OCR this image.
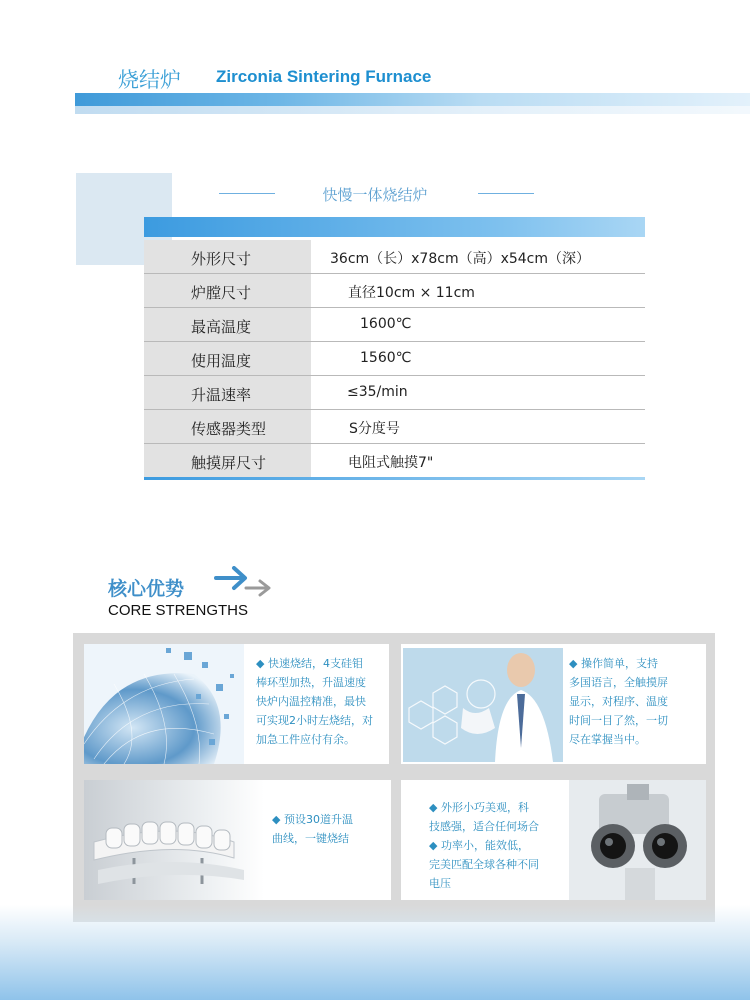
烧结炉 Zirconia Sintering Furnace
快慢一体烧结炉
外形尺寸	36cm（长）x78cm（高）x54cm（深）
炉膛尺寸	直径10cm × 11cm
最高温度	1600℃
使用温度	1560℃
升温速率	≤35/min
传感器类型	S分度号
触摸屏尺寸	电阻式触摸7"
核心优势
CORE STRENGTHS
◆ 快速烧结，4支硅钼
棒环型加热，升温速度
快炉内温控精准，最快
可实现2小时左烧结，对
加急工件应付有余。
◆ 操作简单，支持
多国语言，全触摸屏
显示，对程序、温度
时间一目了然，一切
尽在掌握当中。
◆ 预设30道升温
曲线，一键烧结
◆ 外形小巧美观，科
技感强，适合任何场合
◆ 功率小，能效低，
完美匹配全球各种不同
电压
